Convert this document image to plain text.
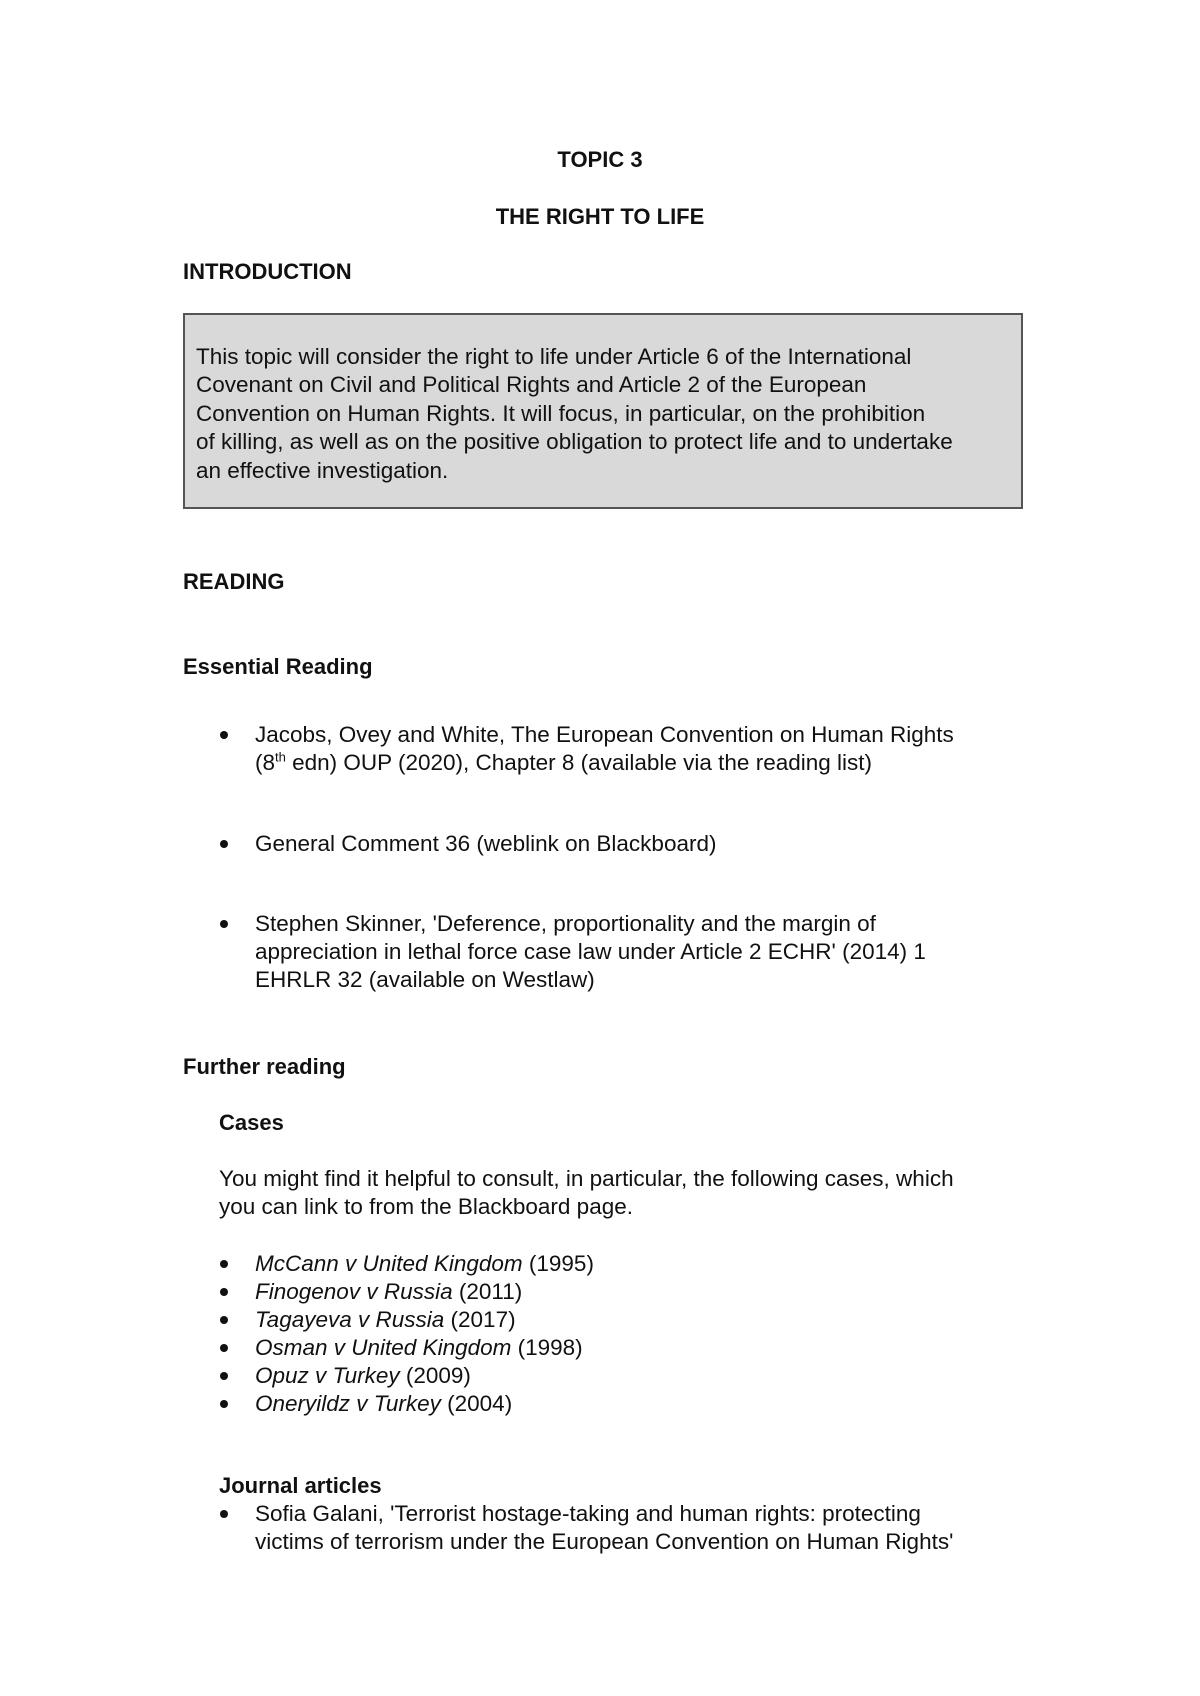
TOPIC 3
THE RIGHT TO LIFE
INTRODUCTION
This topic will consider the right to life under Article 6 of the International
Covenant on Civil and Political Rights and Article 2 of the European
Convention on Human Rights. It will focus, in particular, on the prohibition
of killing, as well as on the positive obligation to protect life and to undertake
an effective investigation.
READING
Essential Reading
Jacobs, Ovey and White, The European Convention on Human Rights
(8th edn) OUP (2020), Chapter 8 (available via the reading list)
General Comment 36 (weblink on Blackboard)
Stephen Skinner, 'Deference, proportionality and the margin of
appreciation in lethal force case law under Article 2 ECHR' (2014) 1
EHRLR 32 (available on Westlaw)
Further reading
Cases
You might find it helpful to consult, in particular, the following cases, which
you can link to from the Blackboard page.
McCann v United Kingdom (1995)
Finogenov v Russia (2011)
Tagayeva v Russia (2017)
Osman v United Kingdom (1998)
Opuz v Turkey (2009)
Oneryildz v Turkey (2004)
Journal articles
Sofia Galani, 'Terrorist hostage-taking and human rights: protecting
victims of terrorism under the European Convention on Human Rights'
